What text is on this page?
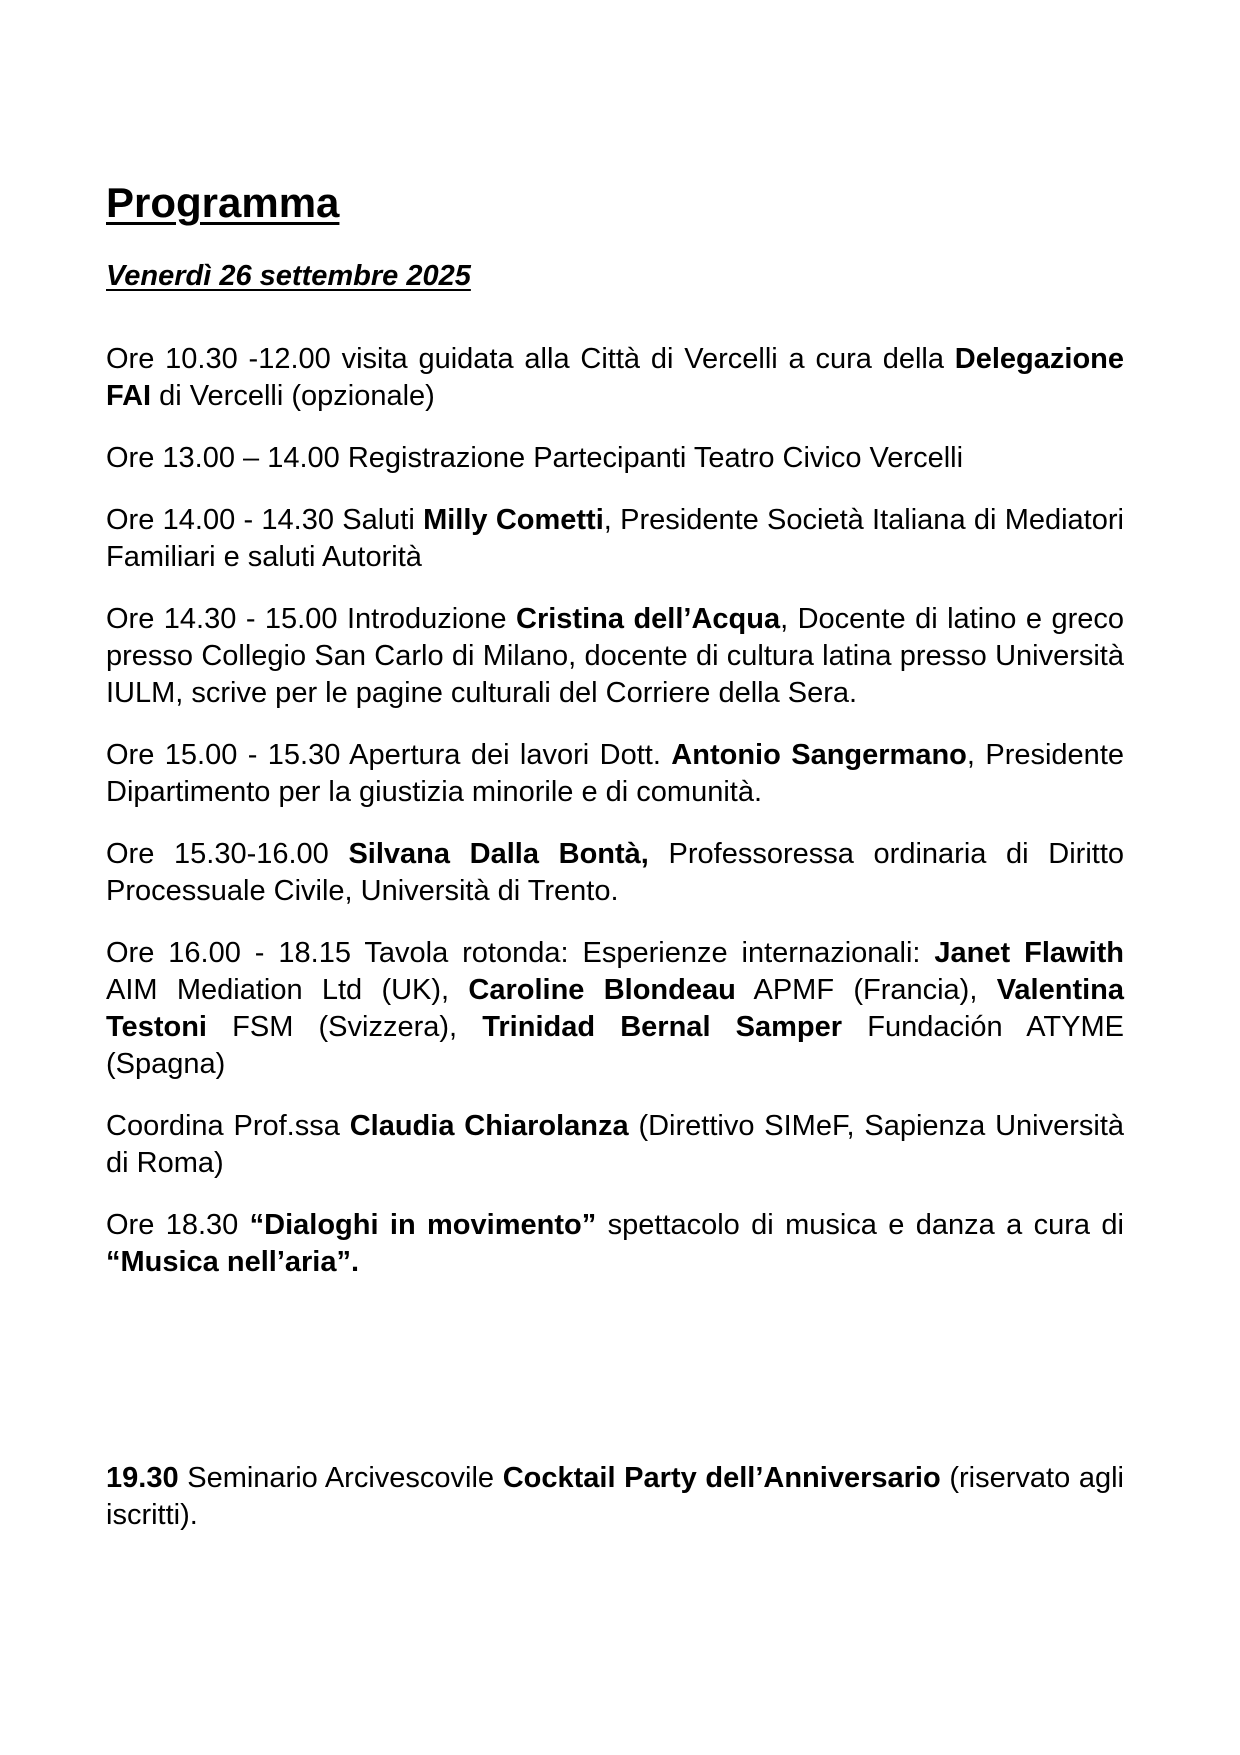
Programma
Venerdì 26 settembre 2025

Ore 10.30 -12.00 visita guidata alla Città di Vercelli a cura della Delegazione FAI di Vercelli (opzionale)

Ore 13.00 – 14.00 Registrazione Partecipanti Teatro Civico Vercelli

Ore 14.00 - 14.30 Saluti Milly Cometti, Presidente Società Italiana di Mediatori Familiari e saluti Autorità

Ore 14.30 - 15.00 Introduzione Cristina dell’Acqua, Docente di latino e greco presso Collegio San Carlo di Milano, docente di cultura latina presso Università IULM, scrive per le pagine culturali del Corriere della Sera.

Ore 15.00 - 15.30 Apertura dei lavori Dott. Antonio Sangermano, Presidente Dipartimento per la giustizia minorile e di comunità.

Ore 15.30-16.00 Silvana Dalla Bontà, Professoressa ordinaria di Diritto Processuale Civile, Università di Trento.

Ore 16.00 - 18.15 Tavola rotonda: Esperienze internazionali: Janet Flawith AIM Mediation Ltd (UK), Caroline Blondeau APMF (Francia), Valentina Testoni FSM (Svizzera), Trinidad Bernal Samper Fundación ATYME (Spagna)

Coordina Prof.ssa Claudia Chiarolanza (Direttivo SIMeF, Sapienza Università di Roma)

Ore 18.30 “Dialoghi in movimento” spettacolo di musica e danza a cura di “Musica nell’aria”.

19.30 Seminario Arcivescovile Cocktail Party dell’Anniversario (riservato agli iscritti).
